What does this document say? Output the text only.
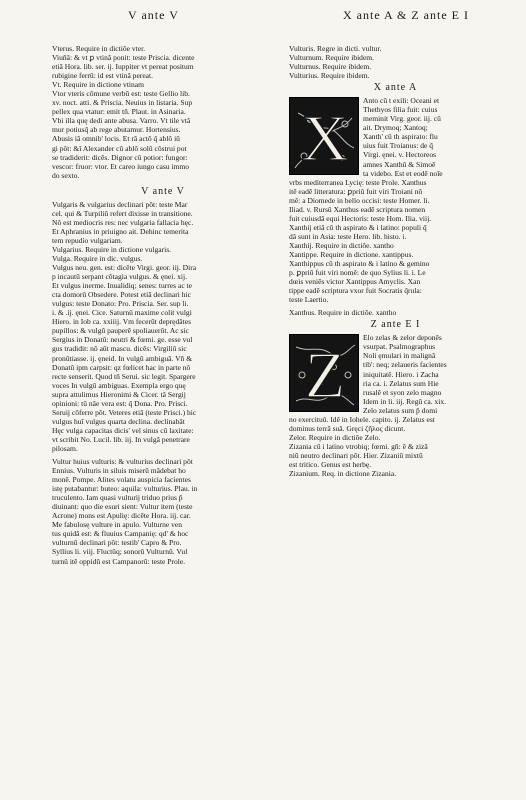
V ante V	X ante A & Z ante E I
Vterus. Require in dictiõe vter.
Viuñã: & vt ꝑ vtinã ponit: teste Priscia. dicente
etiã Hora. lib. ser. ij. Iuppiter vt pereat positum
rubigine ferrũ: id est vtinã pereat.
Vt. Require in dictione vtinam
Vtor vteris cõmune verbũ est: teste Gellio lib.
xv. noct. atti. & Priscia. Neuius in listaria. Sup
pellex qua vtatur: emit tñ. Plaut. in Asinaria.
Vbi illa quę dedi ante abusa. Varro. Vt tile vtã
mur potiusq̃ ab rege abutamur. Hortensius.
Abusis iã omnib' locis. Et rã actõ q̃ ablõ iũ
gi põt: &ĩ Alexander cũ ablõ solũ cõstrui pot
se tradiderit: dicẽs. Dignor cũ potior: fungor:
vescor: fruor: vtor. Et careo iungo casu immo
do sexto.
V ante V
Vulgaris & vulgarius declinari põt: teste Mar
cel. qui & Turpiliũ refert dixisse in transitione.
Nõ est mediocris res: nec vulgaria fallacia hęc.
Et Aphranius in priuigno ait. Dehinc temerita
tem repudio vulgariam.
Vulgarius. Require in dictione vulgaris.
Vulga. Require in dic. vulgus.
Vulgus neu. gen. est: dicẽte Virgi. geor. iij. Dira
p incautũ serpant cõtagia vulgus. & ęnei. xij.
Et vulgus inerme. Inualidiq; senes: turres ac te
cta domorũ Obsedere. Potest etiã declinari hic
vulgus: teste Donato: Pro. Priscia. Ser. sup li.
i. & .ij. ęnei. Cice. Saturnũ maxime colit vulgi
Hiero. in Iob ca. xxiiij. Vm fecerũt deprędãtes
pupillos: & vulgũ pauperẽ spoliauerũt. Ac sic
Sergius in Donatũ: neutri & fœmi. ge. esse vul
gus tradidit: nõ aũt mascu. dicẽs: Virgiliũ sic
pronũtiasse. ij. ęneid. In vulgũ ambiguã. Vñ &
Donatũ ipm carpsit: qz fœlicet hac in parte nõ
recte senserit. Quod tñ Serui. sic legit. Spargere
voces In vulgũ ambiguas. Exempla ergo quę
supra attulimus Hieronimi & Cicer. tã Sergij
opinioni: tũ nãe vera est: q̃ Dona. Pro. Prisci.
Seruij cõferre põt. Veteres etiã (teste Prisci.) hic
vulgus huĩ vulgus quarta declina. declinabãt
Hęc vulga capacitas dicis' vel sinus cũ laxitate:
vt scribit No. Lucil. lib. iij. In vulgã penetrare
pilosam.
Vultur huius vulturis: & vulturius declinari põt
Ennius. Vulturis in siluis miserũ mãdebat ho
monẽ. Pompe. Alites volatu auspicia facientes
istę putabantur: buteo: aquila: vulturius. Plau. in
truculento. Iam quasi vulturij triduo prius p̃
diuinant: quo die esuri sient: Vultur item (teste
Acrone) mons est Apulię: dicẽte Hora. iij. car.
Me fabulosę vulture in apulo. Vulturne ven
tus quidã est: & fluuius Campanię: qd' & hoc
vulturnũ declinari põt: testib' Capro & Pro.
Syllius li. viij. Fluctũq; sonorũ Vulturnũ. Vul
turnũ itẽ oppidũ est Campanorũ: teste Prole.
Vulturis. Regre in dicti. vultur.
Vulturnum. Require ibidem.
Vulturnus. Require ibidem.
Vulturius. Require ibidem.
X ante A
X
Anto cũ t exili: Oceani et
Thethyos filia fuit: cuius
meminit Virg. geor. iij. cũ
ait. Drymoq; Xantoq;
Xanth' cũ th aspirato: flu
uius fuit Troianus: de q̃
Virgi. ęnei. v. Hectoreos
amnes Xanthũ & Simoẽ
ta videbo. Est et eodẽ noĩe
vrbs mediterranea Lycię: teste Prole. Xanthus
itẽ eadẽ litteratura: ꝑpriũ fuit viri Troiani nõ
mẽ: a Diomede in bello occisi: teste Homer. li.
Iliad. v. Rursũ Xanthus eadẽ scriptura nomen
fuit cuiusdã equi Hectoris: teste Hom. Ilia. viij.
Xanthij etiã cũ th aspirato & i latino: populi q̃
dã sunt in Asia: teste Hero. lib. histo. i.
Xanthij. Require in dictiõe. xantho
Xantippe. Require in dictione. xantippus.
Xanthippus cũ th aspirato & i latino & gemino
p. ꝑpriũ fuit viri nomẽ: de quo Sylius li. i. Le
dœis veniẽs victor Xantippus Amyclis. Xan
tippe eadẽ scriptura vxor fuit Socratis q̃rula:
teste Laertio.
Xanthus. Require in dictiõe. xantho
Z ante E I
Z
Elo zelas & zelor deponẽs
vsurpat. Psalmographus
Noli ęmulari in malignã
tib': neq; zelaueris facientes
iniquitatẽ. Hiero. i Zacha
ria ca. i. Zelatus sum Hie
rusalẽ et syon zelo magno
Idem in li. iij. Regũ ca. xix.
Zelo zelatus sum p̃ domi
no exercituũ. Idẽ in Iohele. capito. ij. Zelatus est
dominus terrã suã. Gręci ζῆλος dicunt.
Zelor. Require in dictiõe Zelo.
Zizania cũ i latino vtrobiq; fœmi. gñ: ẽ & zizã
niũ neutro declinari põt. Hier. Zizaniũ mixtũ
est tritico. Genus est herbę.
Zizanium. Req. in dictione Zizania.
